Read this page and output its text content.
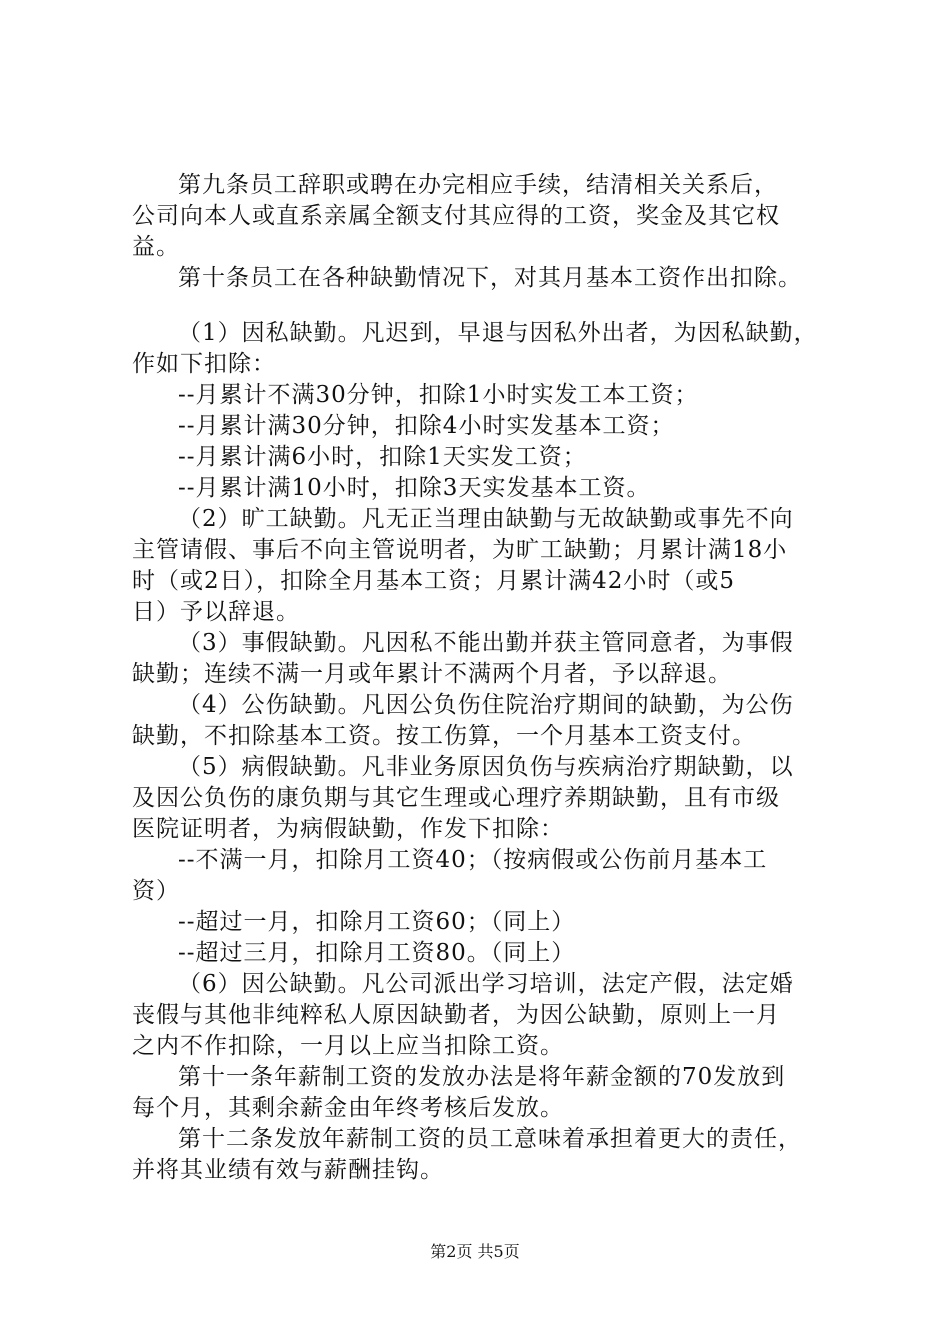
第九条员工辞职或聘在办完相应手续，结清相关关系后，
公司向本人或直系亲属全额支付其应得的工资，奖金及其它权
益。
第十条员工在各种缺勤情况下，对其月基本工资作出扣除。
（1）因私缺勤。凡迟到，早退与因私外出者，为因私缺勤，
作如下扣除：
--月累计不满30分钟，扣除1小时实发工本工资；
--月累计满30分钟，扣除4小时实发基本工资；
--月累计满6小时，扣除1天实发工资；
--月累计满10小时，扣除3天实发基本工资。
（2）旷工缺勤。凡无正当理由缺勤与无故缺勤或事先不向
主管请假、事后不向主管说明者，为旷工缺勤；月累计满18小
时（或2日），扣除全月基本工资；月累计满42小时（或5
日）予以辞退。
（3）事假缺勤。凡因私不能出勤并获主管同意者，为事假
缺勤；连续不满一月或年累计不满两个月者，予以辞退。
（4）公伤缺勤。凡因公负伤住院治疗期间的缺勤，为公伤
缺勤，不扣除基本工资。按工伤算，一个月基本工资支付。
（5）病假缺勤。凡非业务原因负伤与疾病治疗期缺勤，以
及因公负伤的康负期与其它生理或心理疗养期缺勤，且有市级
医院证明者，为病假缺勤，作发下扣除：
--不满一月，扣除月工资40；（按病假或公伤前月基本工
资）
--超过一月，扣除月工资60；（同上）
--超过三月，扣除月工资80。（同上）
（6）因公缺勤。凡公司派出学习培训，法定产假，法定婚
丧假与其他非纯粹私人原因缺勤者，为因公缺勤，原则上一月
之内不作扣除，一月以上应当扣除工资。
第十一条年薪制工资的发放办法是将年薪金额的70发放到
每个月，其剩余薪金由年终考核后发放。
第十二条发放年薪制工资的员工意味着承担着更大的责任，
并将其业绩有效与薪酬挂钩。
第2页 共5页
